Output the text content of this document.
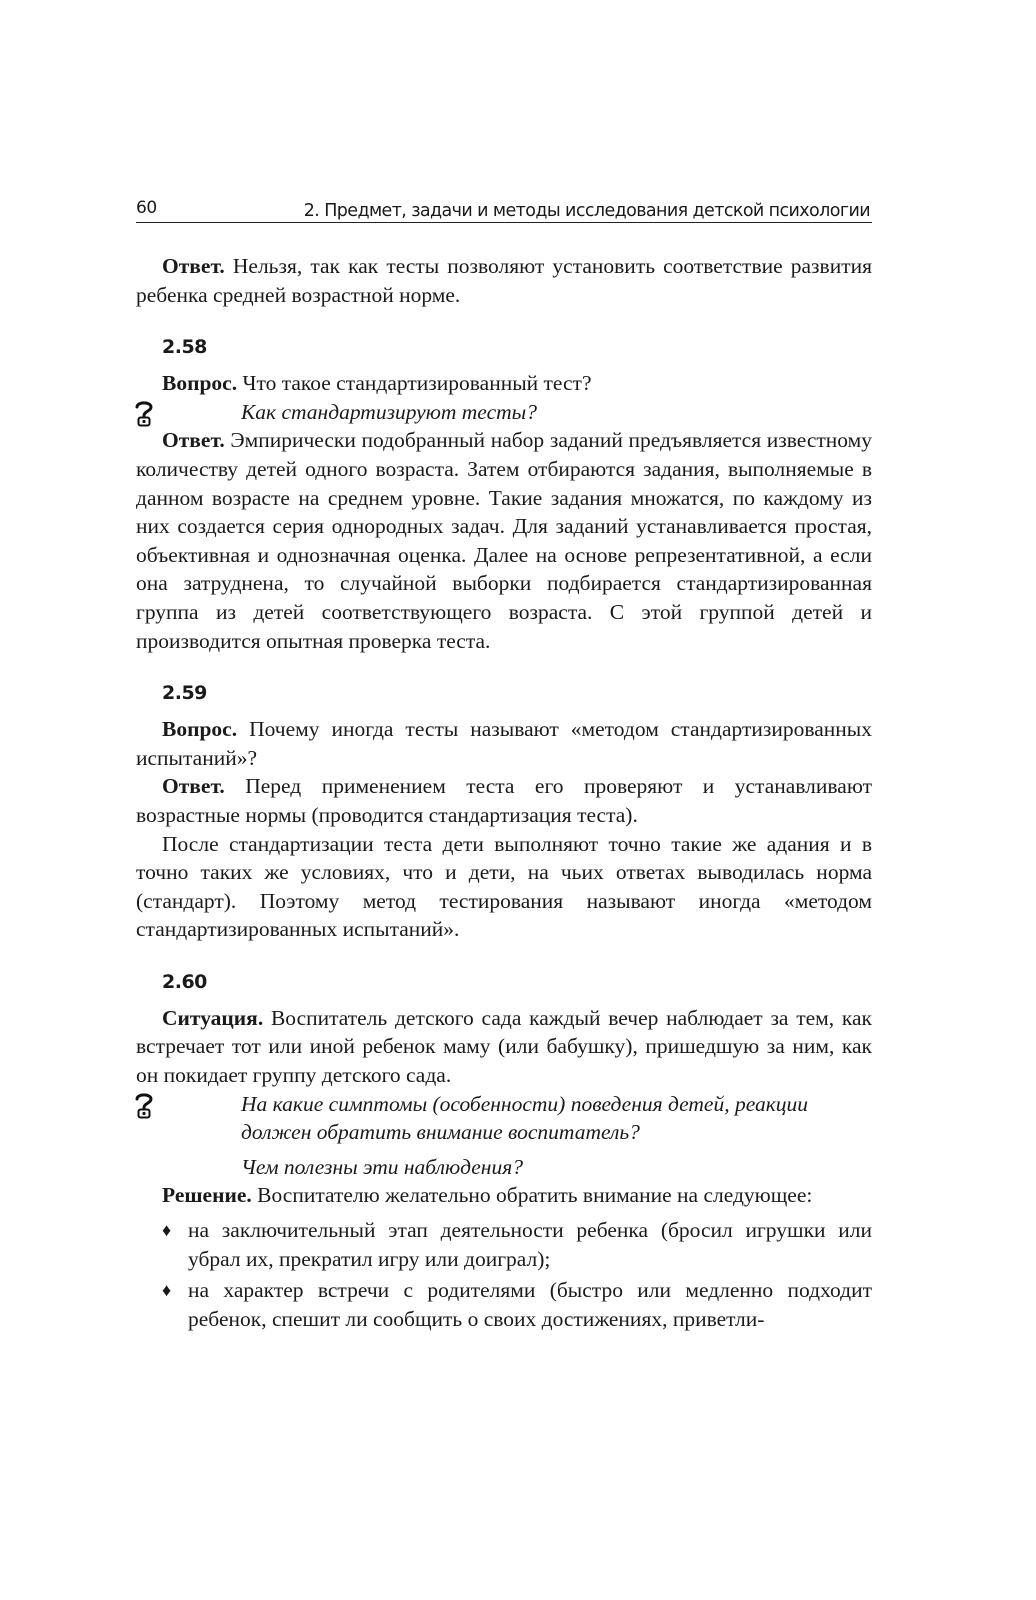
60	2. Предмет, задачи и методы исследования детской психологии

Ответ. Нельзя, так как тесты позволяют установить соответствие развития ребенка средней возрастной норме.

2.58

Вопрос. Что такое стандартизированный тест?

Как стандартизируют тесты?

Ответ. Эмпирически подобранный набор заданий предъявляется известному количеству детей одного возраста. Затем отбираются задания, выполняемые в данном возрасте на среднем уровне. Такие задания множатся, по каждому из них создается серия однородных задач. Для заданий устанавливается простая, объективная и однозначная оценка. Далее на основе репрезентативной, а если она затруднена, то случайной выборки подбирается стандартизированная группа из детей соответствующего возраста. С этой группой детей и производится опытная проверка теста.

2.59

Вопрос. Почему иногда тесты называют «методом стандартизированных испытаний»?

Ответ. Перед применением теста его проверяют и устанавливают возрастные нормы (проводится стандартизация теста).

После стандартизации теста дети выполняют точно такие же адания и в точно таких же условиях, что и дети, на чьих ответах выводилась норма (стандарт). Поэтому метод тестирования называют иногда «методом стандартизированных испытаний».

2.60

Ситуация. Воспитатель детского сада каждый вечер наблюдает за тем, как встречает тот или иной ребенок маму (или бабушку), пришедшую за ним, как он покидает группу детского сада.

На какие симптомы (особенности) поведения детей, реакции должен обратить внимание воспитатель?

Чем полезны эти наблюдения?

Решение. Воспитателю желательно обратить внимание на следующее:

♦ на заключительный этап деятельности ребенка (бросил игрушки или убрал их, прекратил игру или доиграл);
♦ на характер встречи с родителями (быстро или медленно подходит ребенок, спешит ли сообщить о своих достижениях, приветли-
